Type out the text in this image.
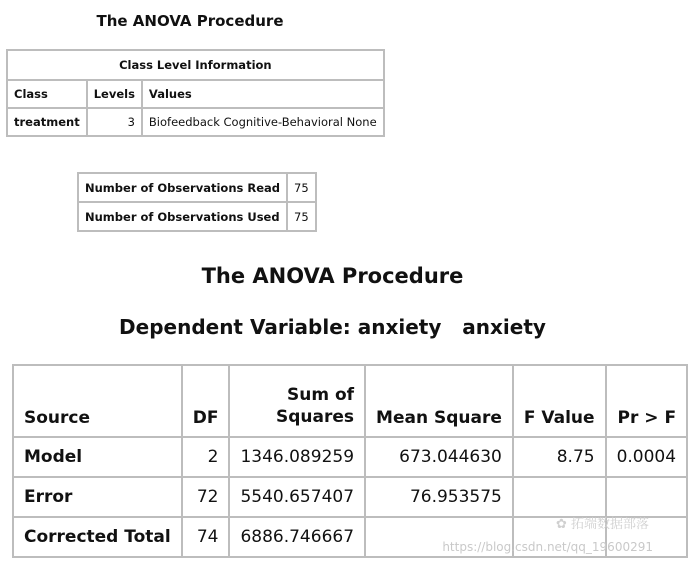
The ANOVA Procedure
Class Level Information		
Class	Levels	Values
treatment	3	Biofeedback Cognitive-Behavioral None
Number of Observations Read	75
Number of Observations Used	75
The ANOVA Procedure
Dependent Variable: anxiety   anxiety
Source	DF	Sum of Squares	Mean Square	F Value	Pr > F
Model	2	1346.089259	673.044630	8.75	0.0004
Error	72	5540.657407	76.953575		
Corrected Total	74	6886.746667			
✿ 拓端数据部落
https://blog.csdn.net/qq_19600291
